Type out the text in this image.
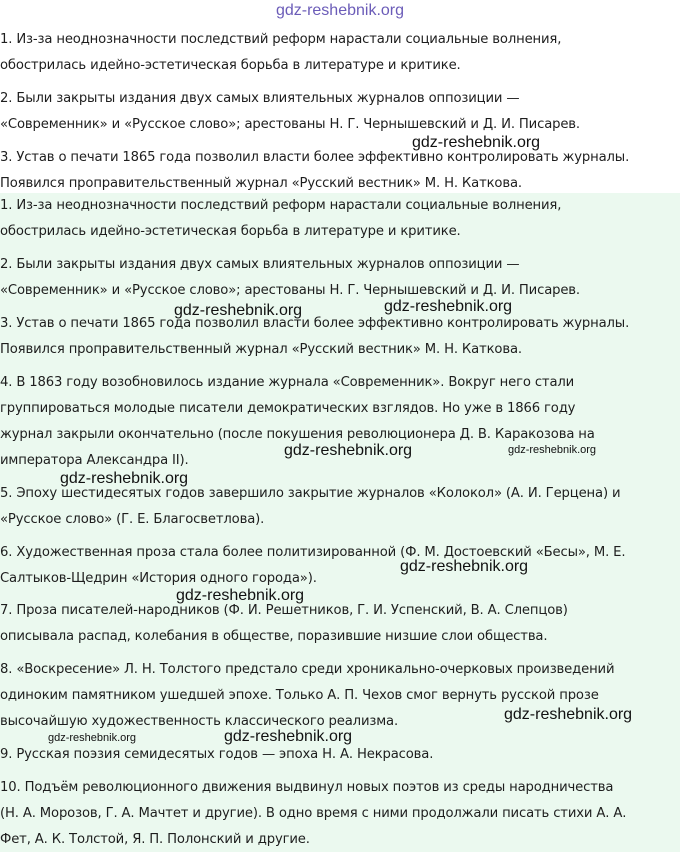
gdz-reshebnik.org
1. Из-за неоднозначности последствий реформ нарастали социальные волнения,
обострилась идейно-эстетическая борьба в литературе и критике.
2. Были закрыты издания двух самых влиятельных журналов оппозиции —
«Современник» и «Русское слово»; арестованы Н. Г. Чернышевский и Д. И. Писарев.
3. Устав о печати 1865 года позволил власти более эффективно контролировать журналы.
Появился проправительственный журнал «Русский вестник» М. Н. Каткова.
1. Из-за неоднозначности последствий реформ нарастали социальные волнения,
обострилась идейно-эстетическая борьба в литературе и критике.
2. Были закрыты издания двух самых влиятельных журналов оппозиции —
«Современник» и «Русское слово»; арестованы Н. Г. Чернышевский и Д. И. Писарев.
3. Устав о печати 1865 года позволил власти более эффективно контролировать журналы.
Появился проправительственный журнал «Русский вестник» М. Н. Каткова.
4. В 1863 году возобновилось издание журнала «Современник». Вокруг него стали
группироваться молодые писатели демократических взглядов. Но уже в 1866 году
журнал закрыли окончательно (после покушения революционера Д. В. Каракозова на
императора Александра II).
5. Эпоху шестидесятых годов завершило закрытие журналов «Колокол» (А. И. Герцена) и
«Русское слово» (Г. Е. Благосветлова).
6. Художественная проза стала более политизированной (Ф. М. Достоевский «Бесы», М. Е.
Салтыков-Щедрин «История одного города»).
7. Проза писателей-народников (Ф. И. Решетников, Г. И. Успенский, В. А. Слепцов)
описывала распад, колебания в обществе, поразившие низшие слои общества.
8. «Воскресение» Л. Н. Толстого предстало среди хроникально-очерковых произведений
одиноким памятником ушедшей эпохе. Только А. П. Чехов смог вернуть русской прозе
высочайшую художественность классического реализма.
9. Русская поэзия семидесятых годов — эпоха Н. А. Некрасова.
10. Подъём революционного движения выдвинул новых поэтов из среды народничества
(Н. А. Морозов, Г. А. Мачтет и другие). В одно время с ними продолжали писать стихи А. А.
Фет, А. К. Толстой, Я. П. Полонский и другие.
gdz-reshebnik.org
gdz-reshebnik.org	gdz-reshebnik.org
gdz-reshebnik.org	gdz-reshebnik.org
gdz-reshebnik.org
gdz-reshebnik.org
gdz-reshebnik.org
gdz-reshebnik.org
gdz-reshebnik.org	gdz-reshebnik.org
